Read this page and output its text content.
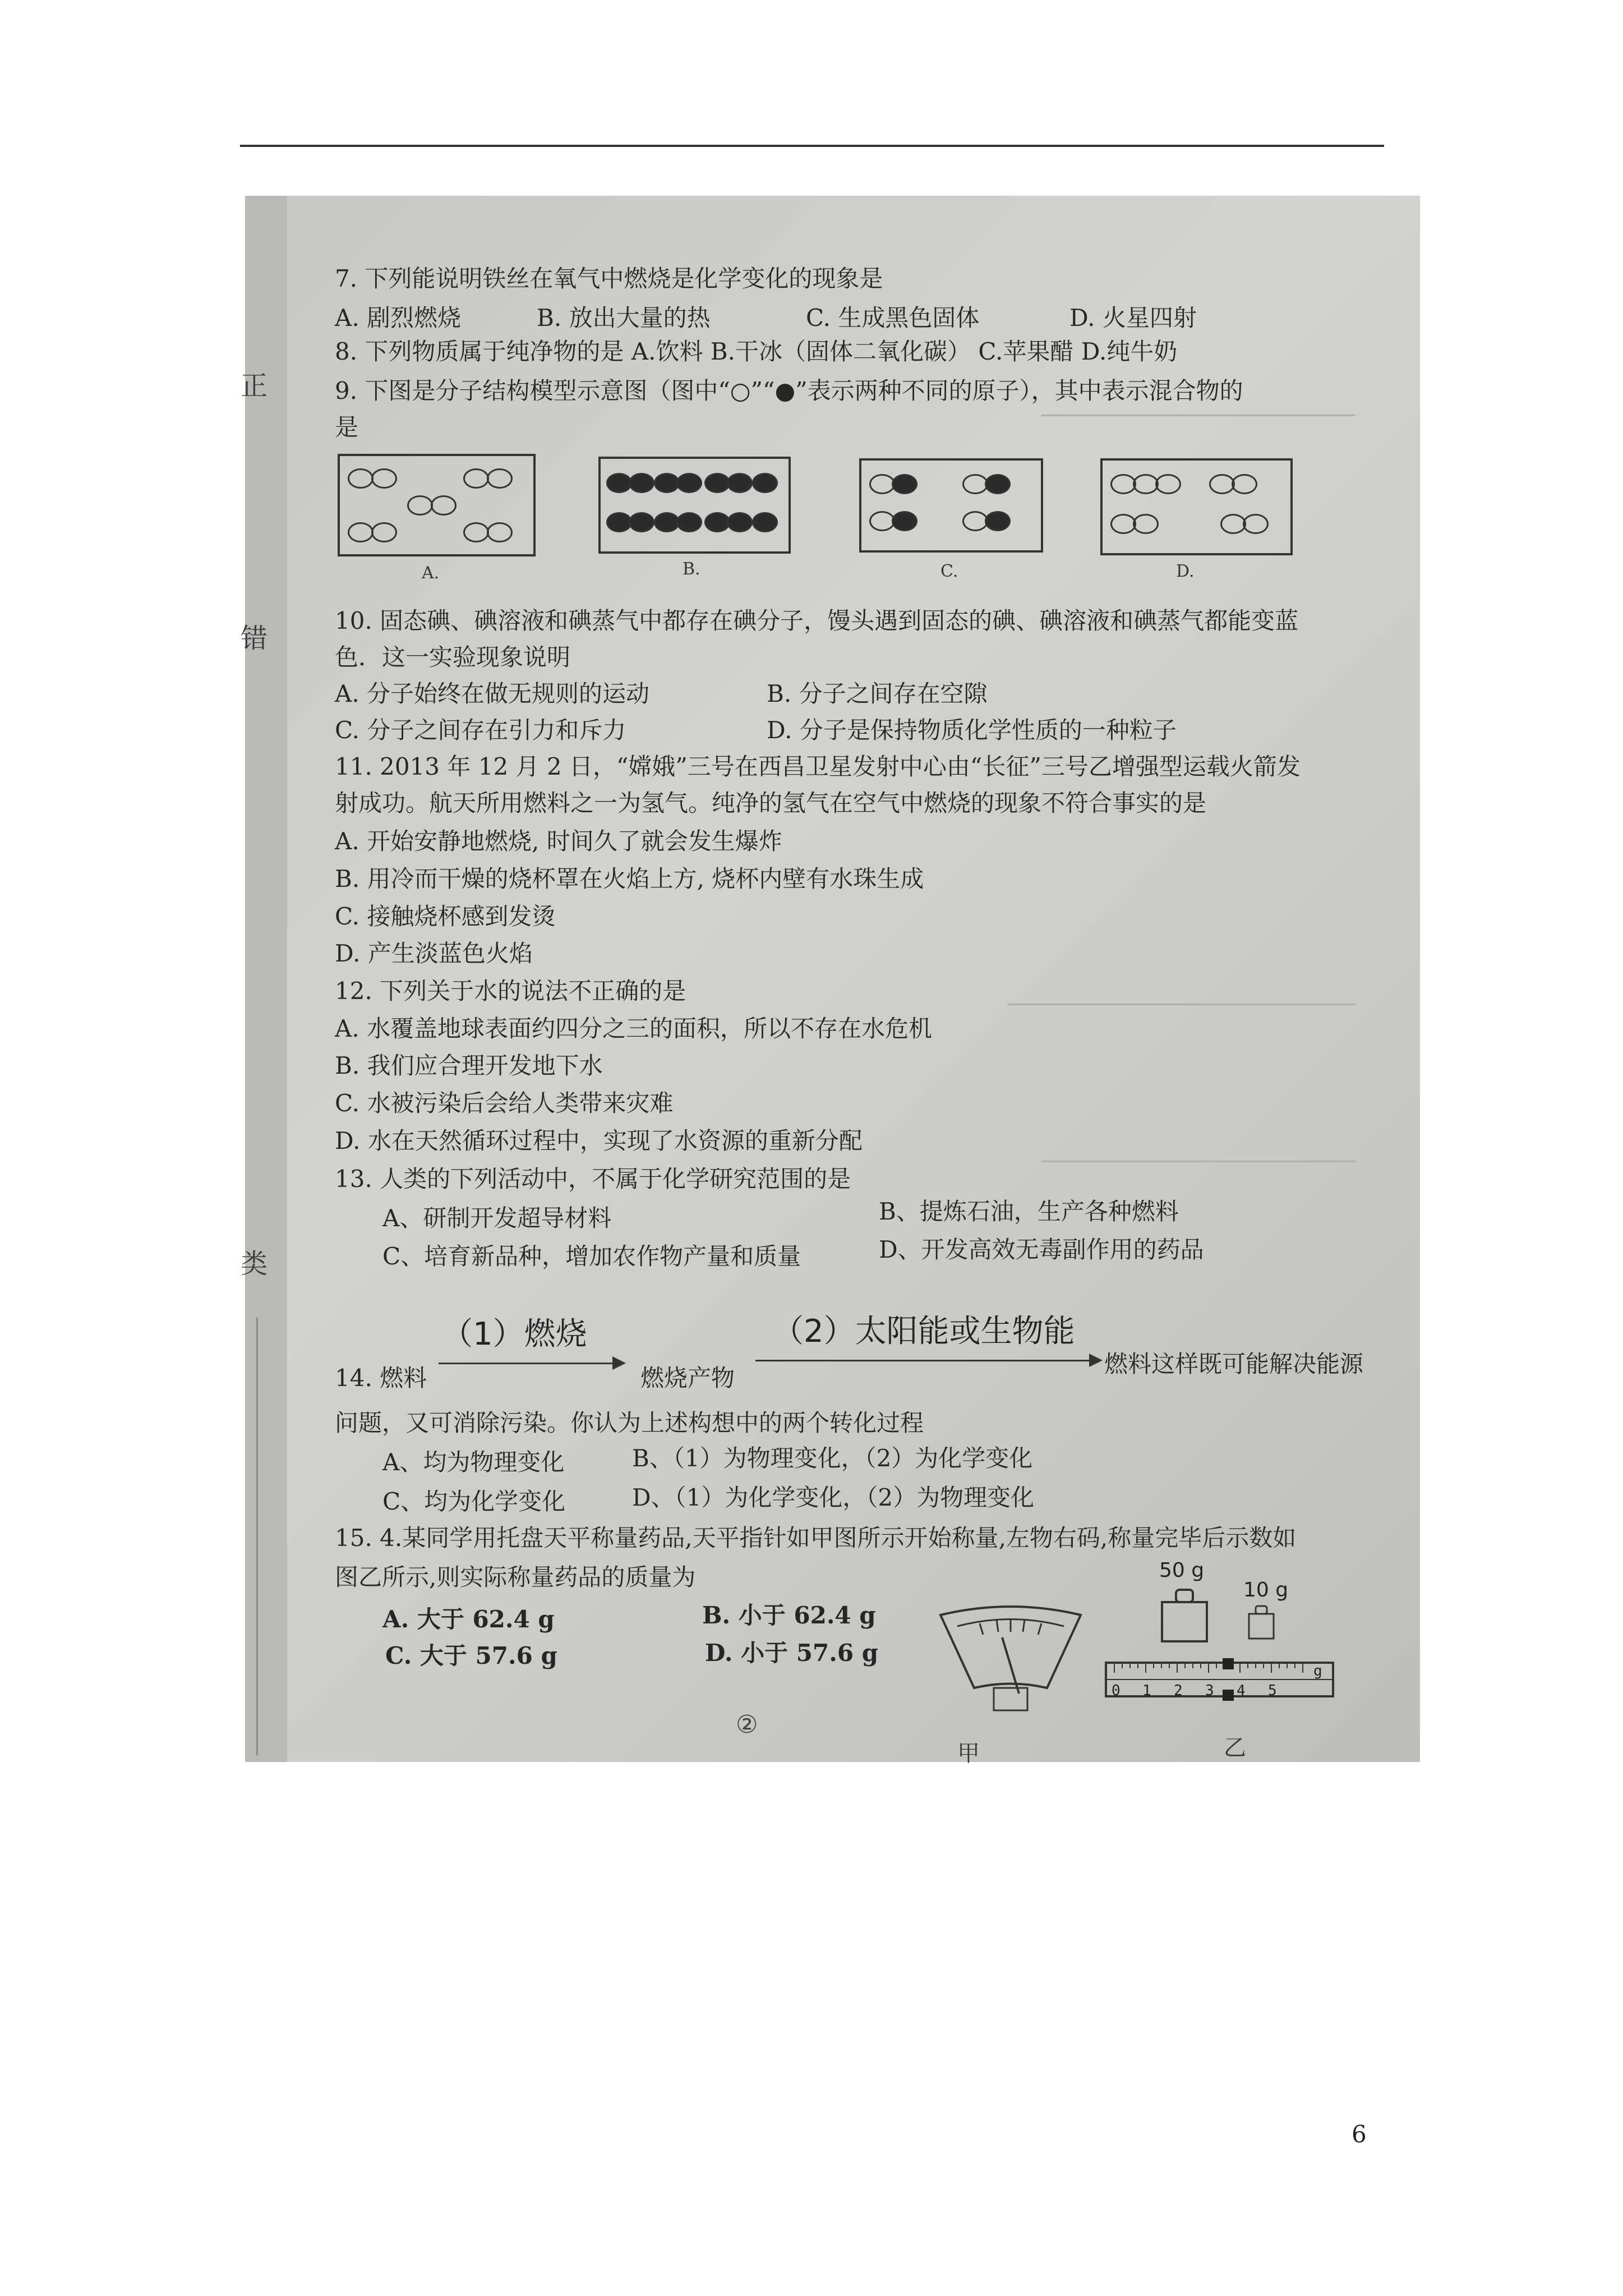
正
错
类
7. 下列能说明铁丝在氧气中燃烧是化学变化的现象是
A. 剧烈燃烧	B. 放出大量的热	C. 生成黑色固体	D. 火星四射
8. 下列物质属于纯净物的是 A.饮料 B.干冰（固体二氧化碳） C.苹果醋 D.纯牛奶
9. 下图是分子结构模型示意图（图中“○”“●”表示两种不同的原子），其中表示混合物的
是
A.	B.	C.	D.
10. 固态碘、碘溶液和碘蒸气中都存在碘分子，馒头遇到固态的碘、碘溶液和碘蒸气都能变蓝
色．这一实验现象说明
A. 分子始终在做无规则的运动	B. 分子之间存在空隙
C. 分子之间存在引力和斥力	D. 分子是保持物质化学性质的一种粒子
11. 2013 年 12 月 2 日，“嫦娥”三号在西昌卫星发射中心由“长征”三号乙增强型运载火箭发
射成功。航天所用燃料之一为氢气。纯净的氢气在空气中燃烧的现象不符合事实的是
A. 开始安静地燃烧, 时间久了就会发生爆炸
B. 用冷而干燥的烧杯罩在火焰上方, 烧杯内壁有水珠生成
C. 接触烧杯感到发烫
D. 产生淡蓝色火焰
12. 下列关于水的说法不正确的是
A. 水覆盖地球表面约四分之三的面积，所以不存在水危机
B. 我们应合理开发地下水
C. 水被污染后会给人类带来灾难
D. 水在天然循环过程中，实现了水资源的重新分配
13. 人类的下列活动中，不属于化学研究范围的是
A、研制开发超导材料	B、提炼石油，生产各种燃料
C、培育新品种，增加农作物产量和质量	D、开发高效无毒副作用的药品
14. 燃料
（1）燃烧
燃烧产物
（2）太阳能或生物能
燃料这样既可能解决能源
问题，又可消除污染。你认为上述构想中的两个转化过程
A、均为物理变化	B、（1）为物理变化，（2）为化学变化
C、均为化学变化	D、（1）为化学变化，（2）为物理变化
15. 4.某同学用托盘天平称量药品,天平指针如甲图所示开始称量,左物右码,称量完毕后示数如
图乙所示,则实际称量药品的质量为
A. 大于 62.4 g	B. 小于 62.4 g
C. 大于 57.6 g	D. 小于 57.6 g
甲
50 g
10 g
0 1 2 3 4 5
g
乙
②
6
